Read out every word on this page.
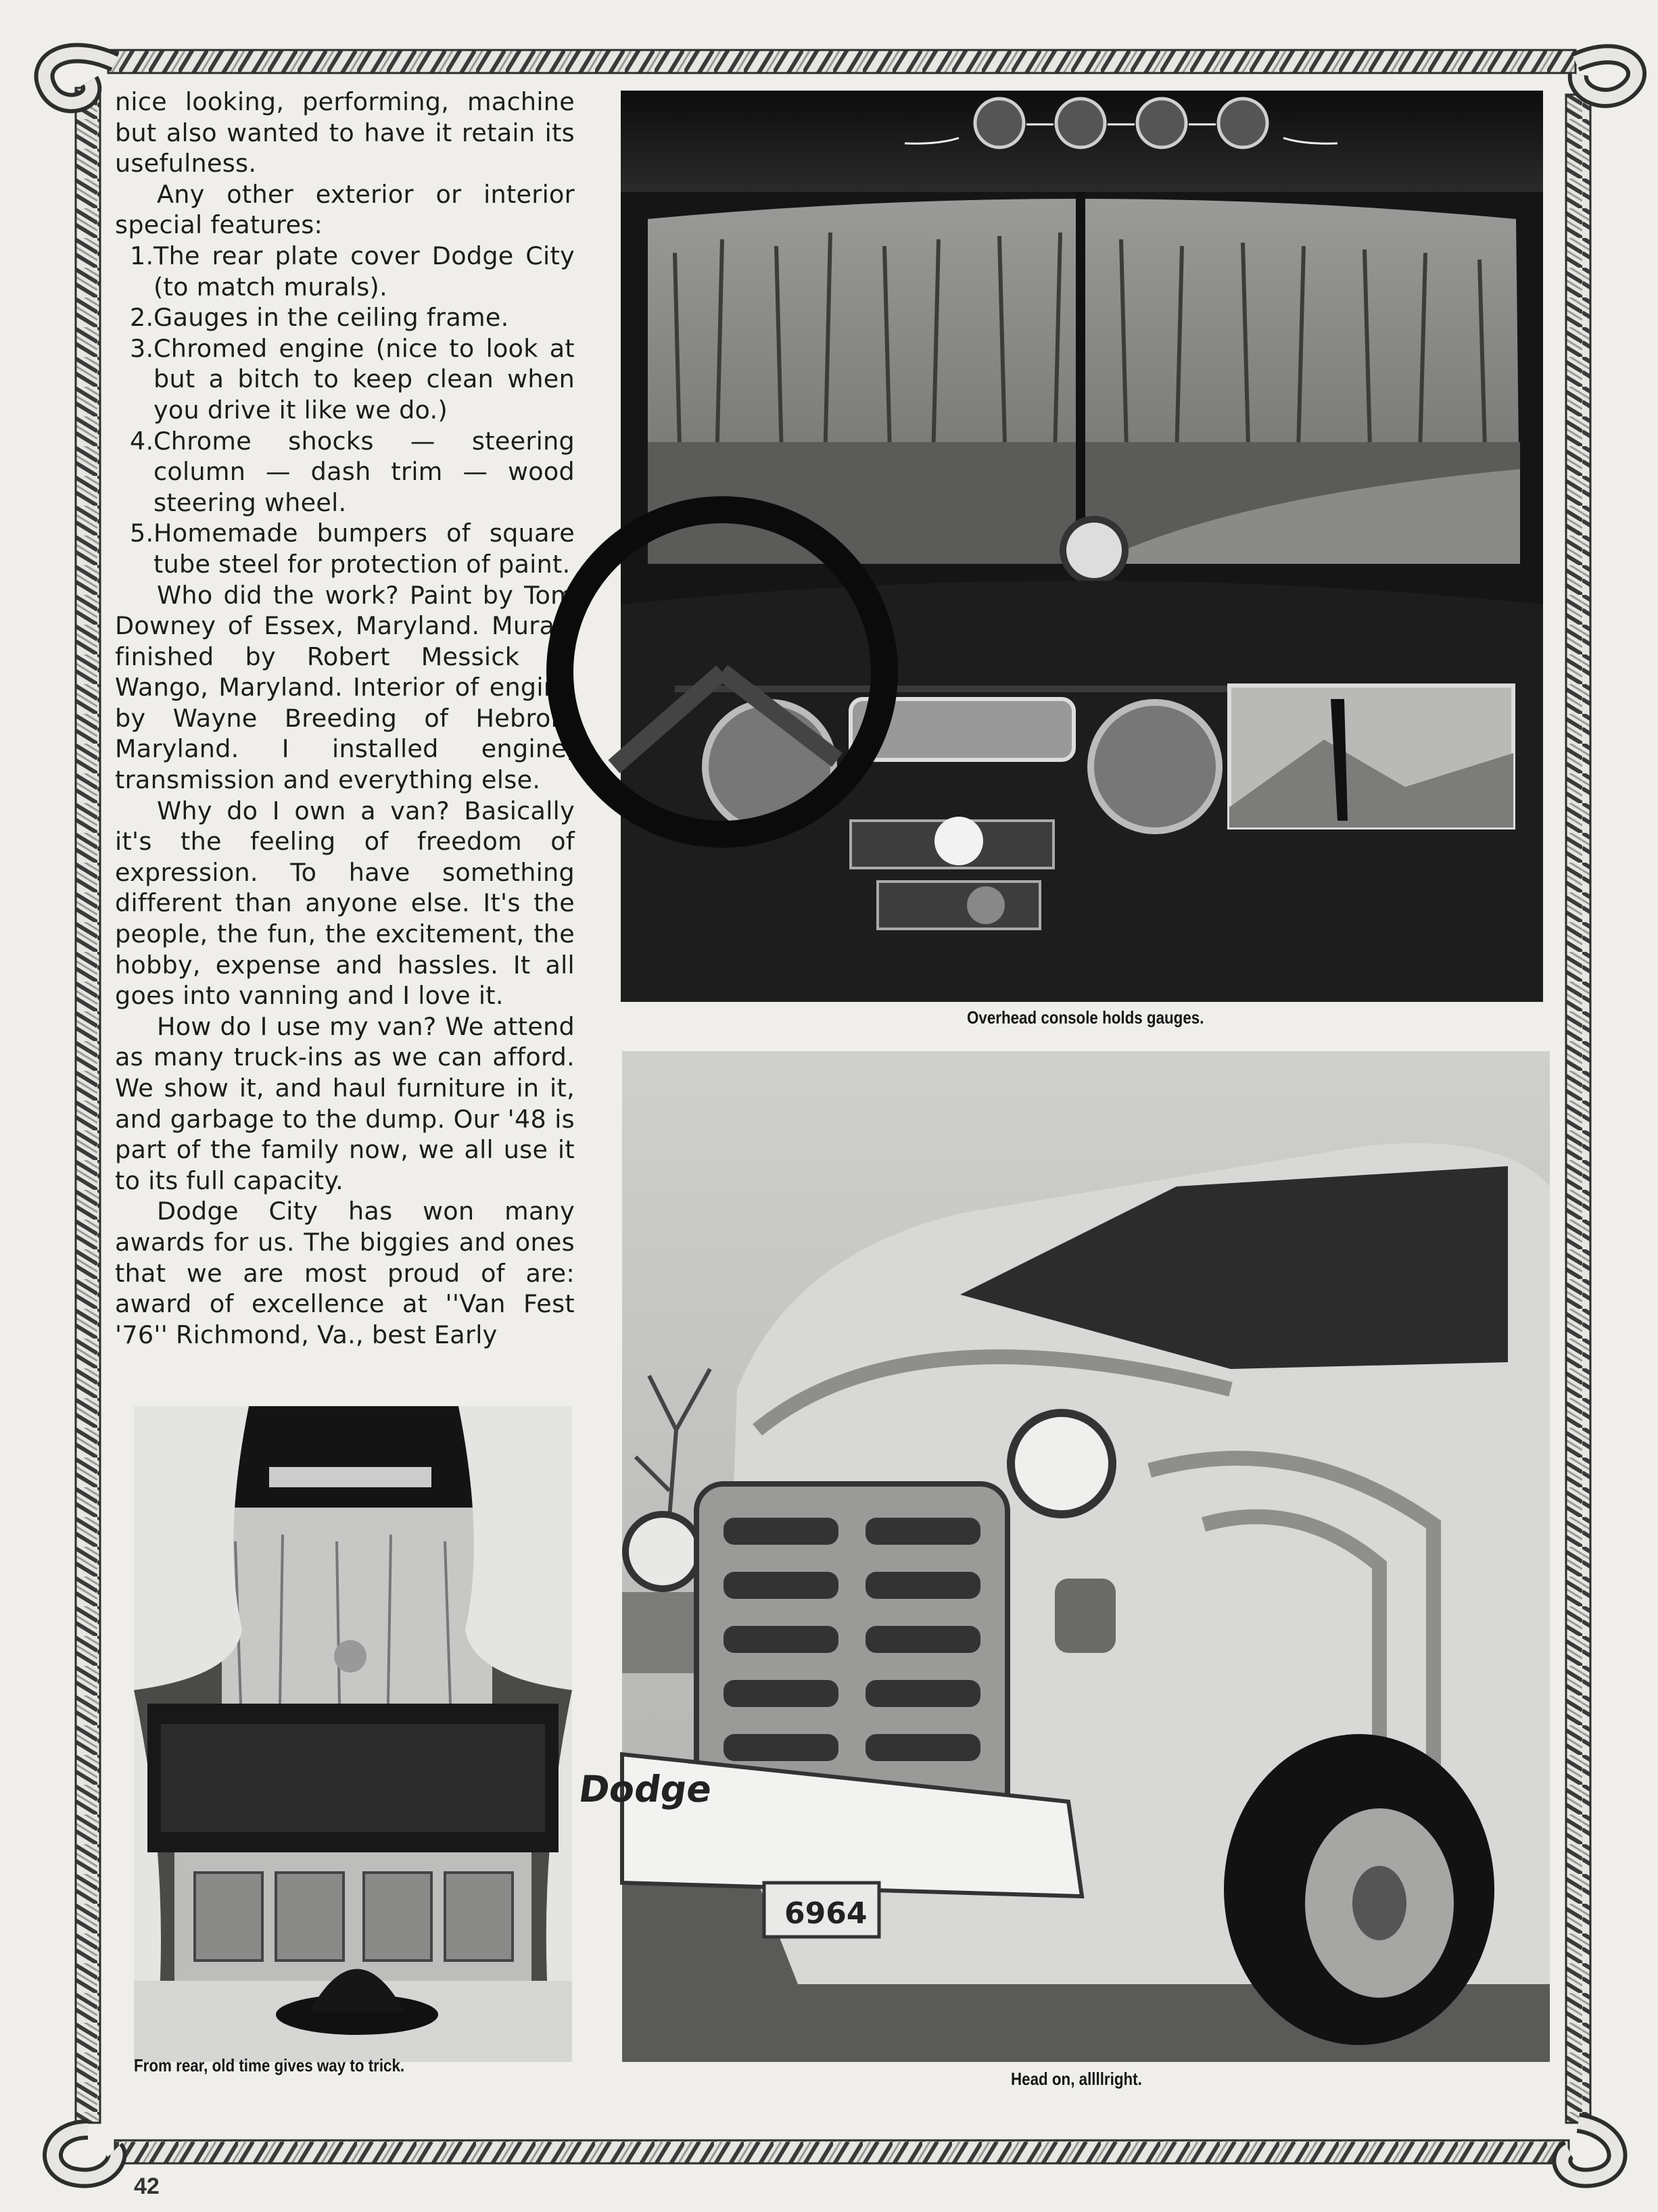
nice looking, performing, machine but also wanted to have it retain its usefulness.

Any other exterior or interior special features:

1. The rear plate cover Dodge City (to match murals).
2. Gauges in the ceiling frame.
3. Chromed engine (nice to look at but a bitch to keep clean when you drive it like we do.)
4. Chrome shocks — steering column — dash trim — wood steering wheel.
5. Homemade bumpers of square tube steel for protection of paint.

Who did the work? Paint by Tom Downey of Essex, Maryland. Murals finished by Robert Messick of Wango, Maryland. Interior of engine by Wayne Breeding of Hebron, Maryland. I installed engine, transmission and everything else.

Why do I own a van? Basically it's the feeling of freedom of expression. To have something different than anyone else. It's the people, the fun, the excitement, the hobby, expense and hassles. It all goes into vanning and I love it.

How do I use my van? We attend as many truck-ins as we can afford. We show it, and haul furniture in it, and garbage to the dump. Our '48 is part of the family now, we all use it to its full capacity.

Dodge City has won many awards for us. The biggies and ones that we are most proud of are: award of excellence at ''Van Fest '76'' Richmond, Va., best Early

Overhead console holds gauges.
From rear, old time gives way to trick.
Dodge
6964
Head on, allllright.
42
